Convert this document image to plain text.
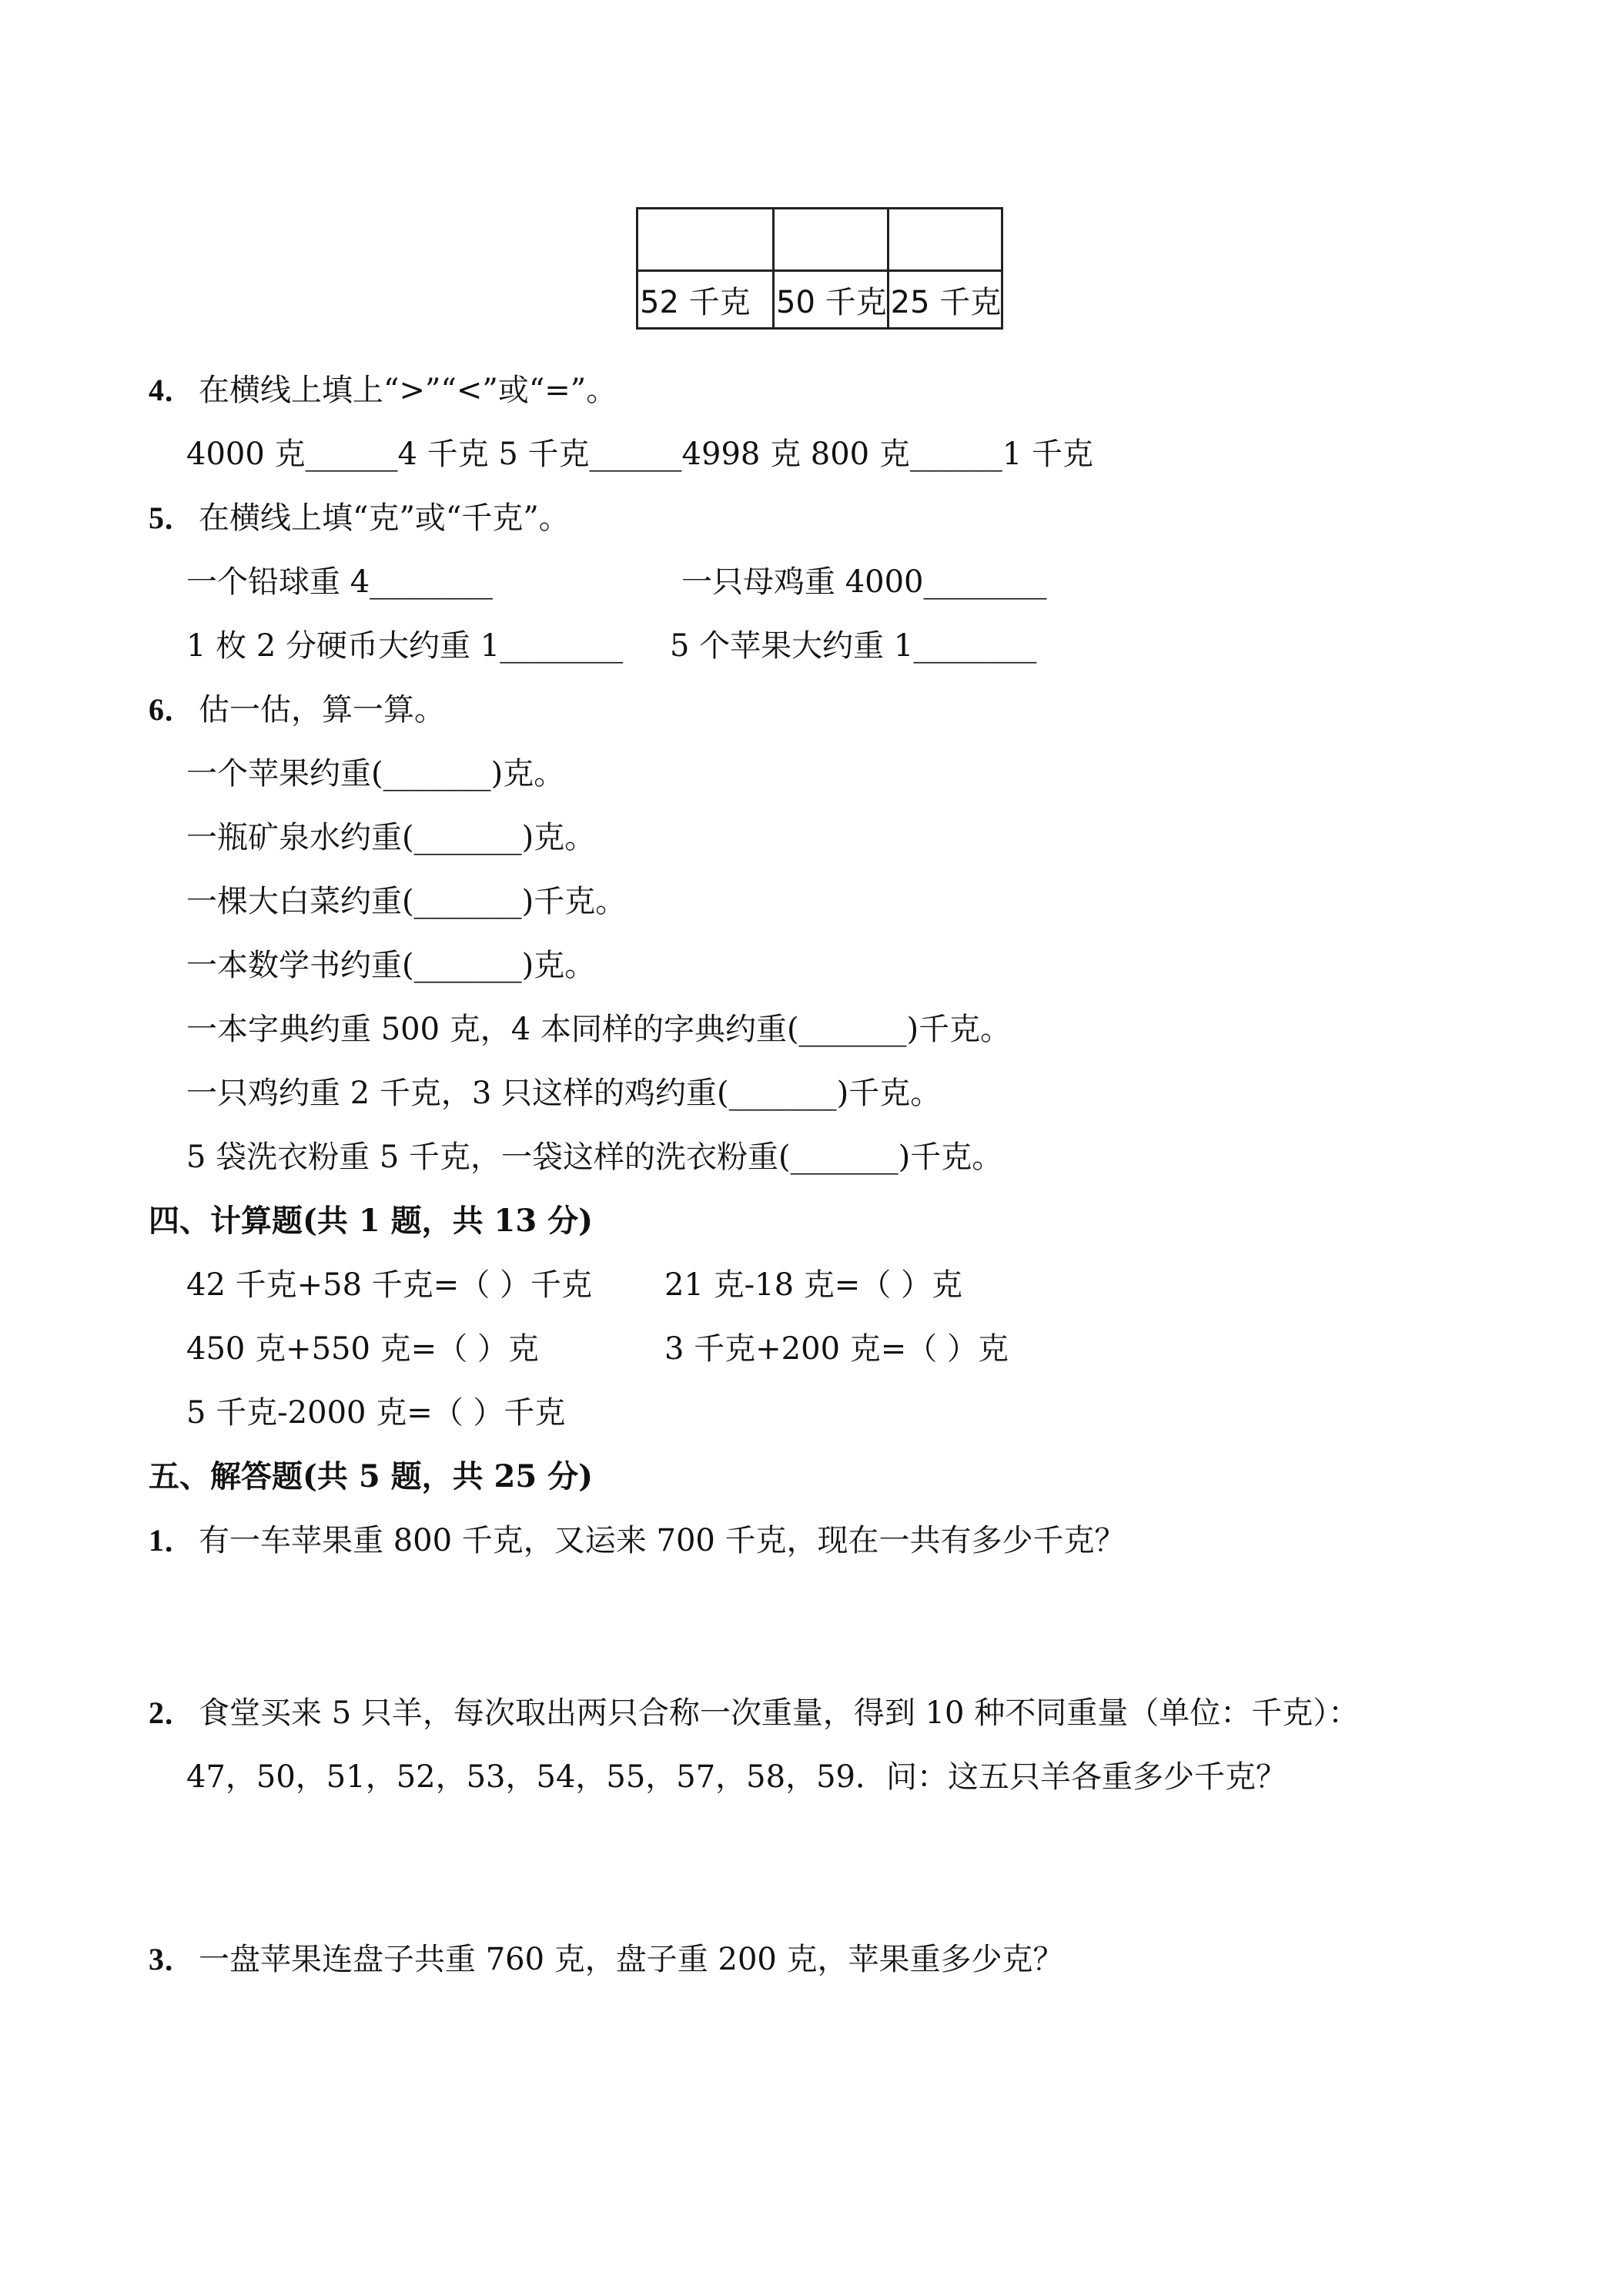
52 千克	50 千克	25 千克
4． 在横线上填上“>”“<”或“=”。
4000 克______4 千克 5 千克______4998 克 800 克______1 千克
5． 在横线上填“克”或“千克”。
一个铅球重 4________	一只母鸡重 4000________
1 枚 2 分硬币大约重 1________ 5 个苹果大约重 1________
6． 估一估，算一算。
一个苹果约重(_______)克。
一瓶矿泉水约重(_______)克。
一棵大白菜约重(_______)千克。
一本数学书约重(_______)克。
一本字典约重 500 克，4 本同样的字典约重(_______)千克。
一只鸡约重 2 千克，3 只这样的鸡约重(_______)千克。
5 袋洗衣粉重 5 千克，一袋这样的洗衣粉重(_______)千克。
四、计算题(共 1 题，共 13 分)
42 千克+58 千克=（ ）千克 21 克-18 克=（ ）克
450 克+550 克=（ ）克	3 千克+200 克=（ ）克
5 千克-2000 克=（ ）千克
五、解答题(共 5 题，共 25 分)
1． 有一车苹果重 800 千克，又运来 700 千克，现在一共有多少千克？
2． 食堂买来 5 只羊，每次取出两只合称一次重量，得到 10 种不同重量（单位：千克）：
47，50，51，52，53，54，55，57，58，59．问：这五只羊各重多少千克？
3． 一盘苹果连盘子共重 760 克，盘子重 200 克，苹果重多少克？
